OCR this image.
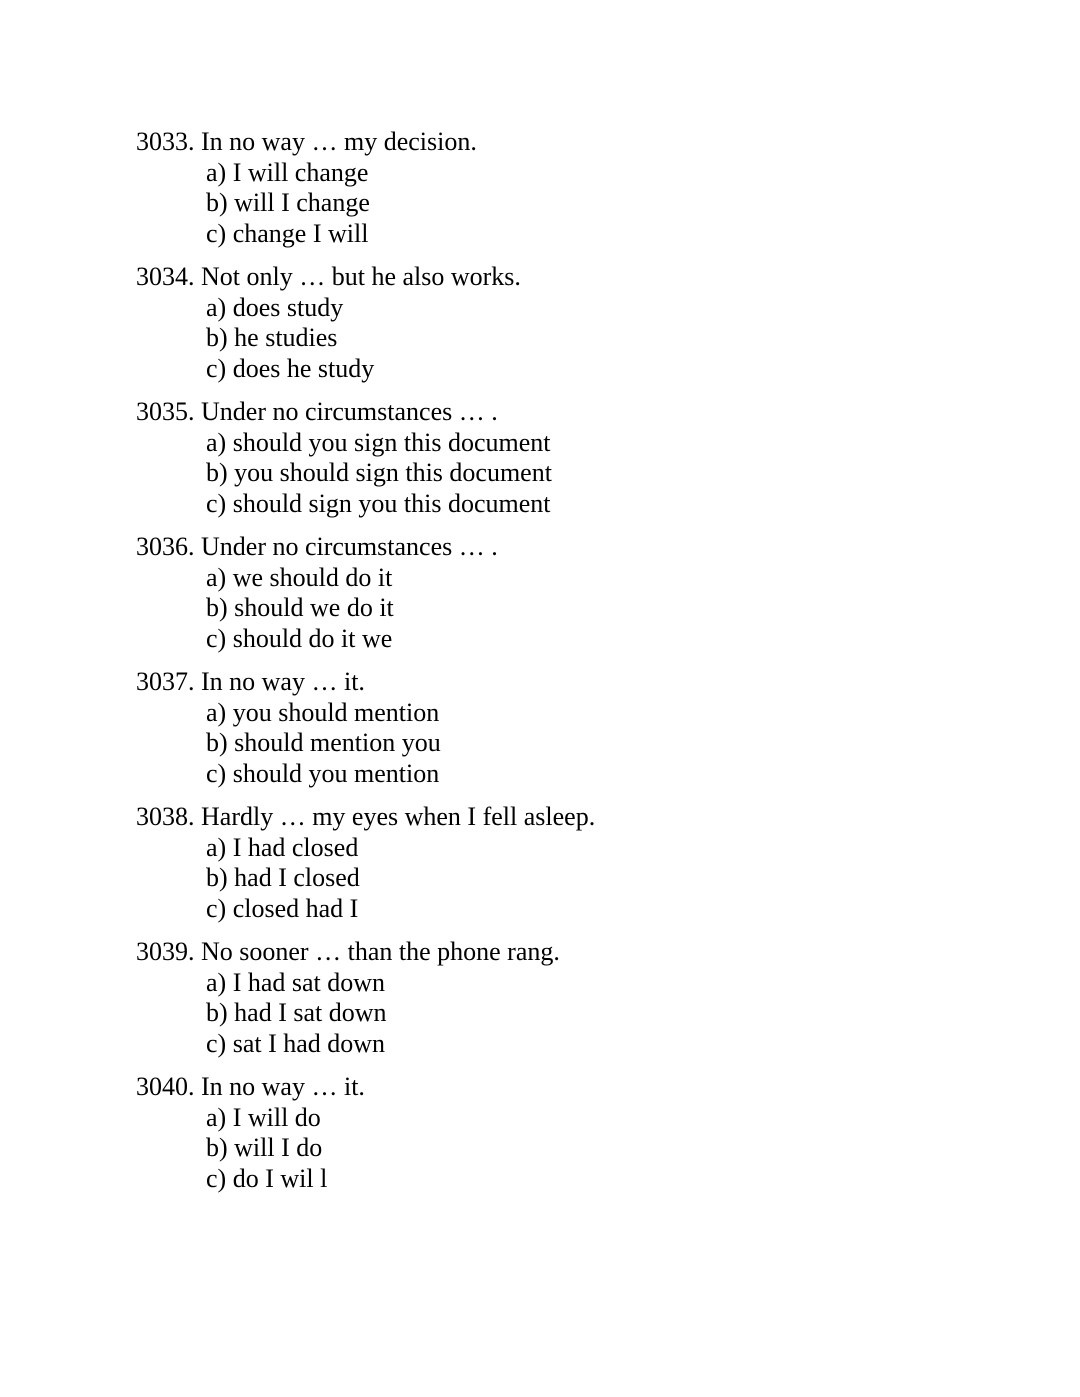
3033. In no way … my decision.
a) I will change
b) will I change
c) change I will
3034. Not only … but he also works.
a) does study
b) he studies
c) does he study
3035. Under no circumstances … .
a) should you sign this document
b) you should sign this document
c) should sign you this document
3036. Under no circumstances … .
a) we should do it
b) should we do it
c) should do it we
3037. In no way … it.
a) you should mention
b) should mention you
c) should you mention
3038. Hardly … my eyes when I fell asleep.
a) I had closed
b) had I closed
c) closed had I
3039. No sooner … than the phone rang.
a) I had sat down
b) had I sat down
c) sat I had down
3040. In no way … it.
a) I will do
b) will I do
c) do I wil l
